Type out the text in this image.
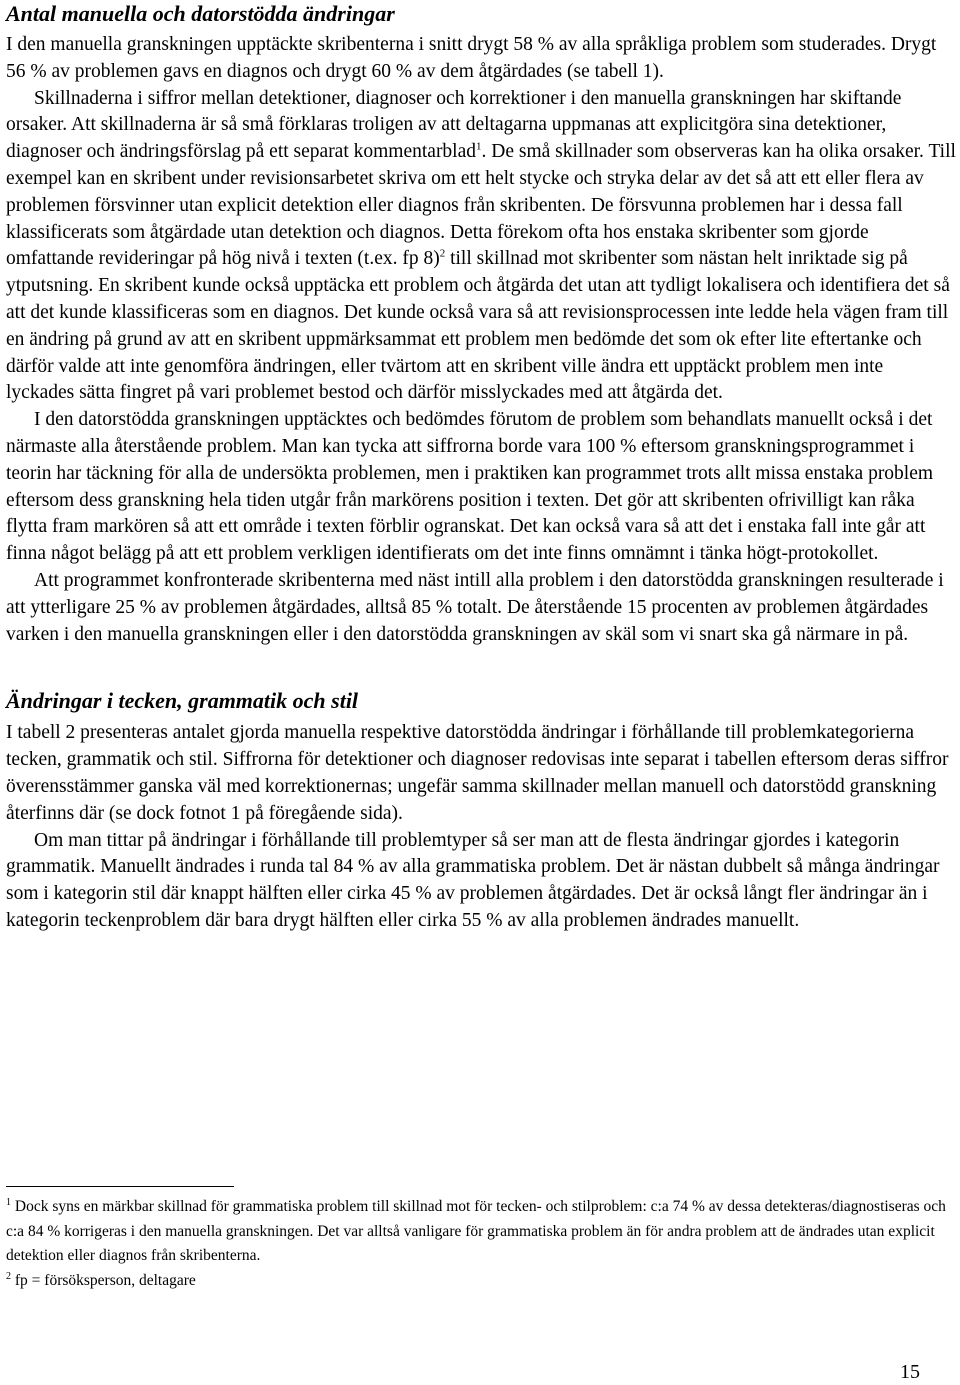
Antal manuella och datorstödda ändringar

I den manuella granskningen upptäckte skribenterna i snitt drygt 58 % av alla språkliga problem som studerades. Drygt 56 % av problemen gavs en diagnos och drygt 60 % av dem åtgärdades (se tabell 1).

Skillnaderna i siffror mellan detektioner, diagnoser och korrektioner i den manuella granskningen har skiftande orsaker. Att skillnaderna är så små förklaras troligen av att deltagarna uppmanas att explicitgöra sina detektioner, diagnoser och ändringsförslag på ett separat kommentarblad$^1$. De små skillnader som observeras kan ha olika orsaker. Till exempel kan en skribent under revisionsarbetet skriva om ett helt stycke och stryka delar av det så att ett eller flera av problemen försvinner utan explicit detektion eller diagnos från skribenten. De försvunna problemen har i dessa fall klassificerats som åtgärdade utan detektion och diagnos. Detta förekom ofta hos enstaka skribenter som gjorde omfattande revideringar på hög nivå i texten (t.ex. fp 8)$^2$ till skillnad mot skribenter som nästan helt inriktade sig på ytputsning. En skribent kunde också upptäcka ett problem och åtgärda det utan att tydligt lokalisera och identifiera det så att det kunde klassificeras som en diagnos. Det kunde också vara så att revisionsprocessen inte ledde hela vägen fram till en ändring på grund av att en skribent uppmärksammat ett problem men bedömde det som ok efter lite eftertanke och därför valde att inte genomföra ändringen, eller tvärtom att en skribent ville ändra ett upptäckt problem men inte lyckades sätta fingret på vari problemet bestod och därför misslyckades med att åtgärda det.

I den datorstödda granskningen upptäcktes och bedömdes förutom de problem som behandlats manuellt också i det närmaste alla återstående problem. Man kan tycka att siffrorna borde vara 100 % eftersom granskningsprogrammet i teorin har täckning för alla de undersökta problemen, men i praktiken kan programmet trots allt missa enstaka problem eftersom dess granskning hela tiden utgår från markörens position i texten. Det gör att skribenten ofrivilligt kan råka flytta fram markören så att ett område i texten förblir ogranskat. Det kan också vara så att det i enstaka fall inte går att finna något belägg på att ett problem verkligen identifierats om det inte finns omnämnt i tänka högt-protokollet.

Att programmet konfronterade skribenterna med näst intill alla problem i den datorstödda granskningen resulterade i att ytterligare 25 % av problemen åtgärdades, alltså 85 % totalt. De återstående 15 procenten av problemen åtgärdades varken i den manuella granskningen eller i den datorstödda granskningen av skäl som vi snart ska gå närmare in på.

Ändringar i tecken, grammatik och stil

I tabell 2 presenteras antalet gjorda manuella respektive datorstödda ändringar i förhållande till problemkategorierna tecken, grammatik och stil. Siffrorna för detektioner och diagnoser redovisas inte separat i tabellen eftersom deras siffror överensstämmer ganska väl med korrektionernas; ungefär samma skillnader mellan manuell och datorstödd granskning återfinns där (se dock fotnot 1 på föregående sida).

Om man tittar på ändringar i förhållande till problemtyper så ser man att de flesta ändringar gjordes i kategorin grammatik. Manuellt ändrades i runda tal 84 % av alla grammatiska problem. Det är nästan dubbelt så många ändringar som i kategorin stil där knappt hälften eller cirka 45 % av problemen åtgärdades. Det är också långt fler ändringar än i kategorin teckenproblem där bara drygt hälften eller cirka 55 % av alla problemen ändrades manuellt.

$^1$ Dock syns en märkbar skillnad för grammatiska problem till skillnad mot för tecken- och stilproblem: c:a 74 % av dessa detekteras/diagnostiseras och c:a 84 % korrigeras i den manuella granskningen. Det var alltså vanligare för grammatiska problem än för andra problem att de ändrades utan explicit detektion eller diagnos från skribenterna.

$^2$ fp = försöksperson, deltagare

15
